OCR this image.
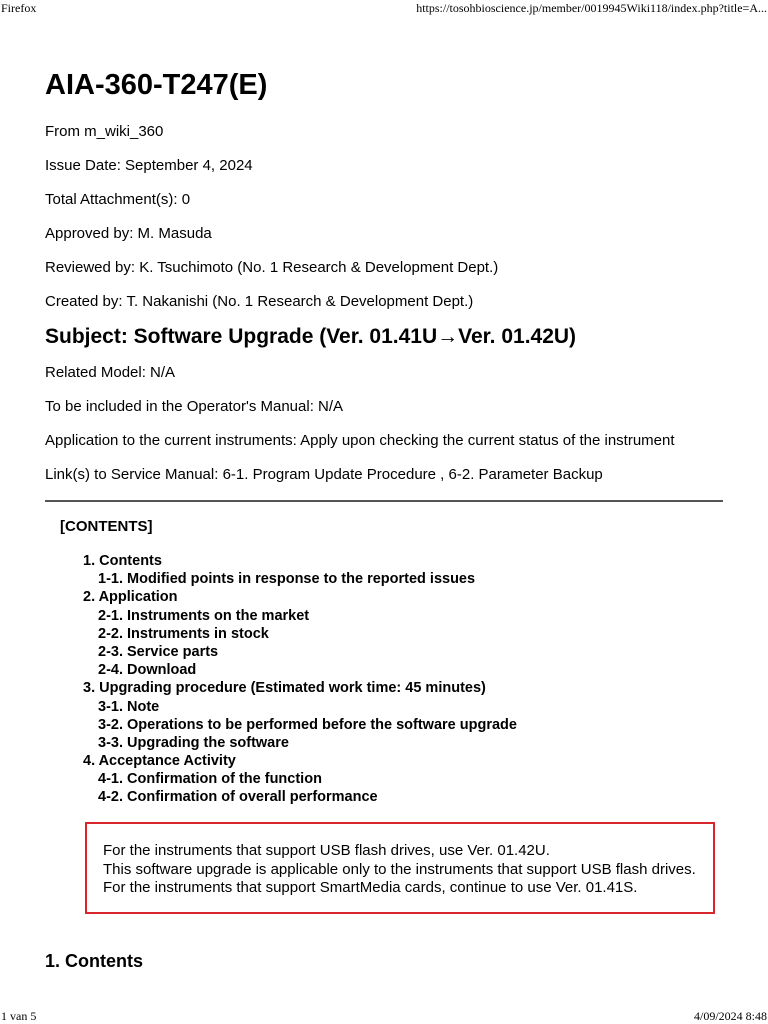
Firefox	https://tosohbioscience.jp/member/0019945Wiki118/index.php?title=A...
AIA-360-T247(E)
From m_wiki_360
Issue Date: September 4, 2024
Total Attachment(s): 0
Approved by: M. Masuda
Reviewed by: K. Tsuchimoto (No. 1 Research & Development Dept.)
Created by: T. Nakanishi (No. 1 Research & Development Dept.)
Subject: Software Upgrade (Ver. 01.41U→Ver. 01.42U)
Related Model: N/A
To be included in the Operator's Manual: N/A
Application to the current instruments: Apply upon checking the current status of the instrument
Link(s) to Service Manual: 6-1. Program Update Procedure , 6-2. Parameter Backup
[CONTENTS]
1. Contents
1-1. Modified points in response to the reported issues
2. Application
2-1. Instruments on the market
2-2. Instruments in stock
2-3. Service parts
2-4. Download
3. Upgrading procedure (Estimated work time: 45 minutes)
3-1. Note
3-2. Operations to be performed before the software upgrade
3-3. Upgrading the software
4. Acceptance Activity
4-1. Confirmation of the function
4-2. Confirmation of overall performance
For the instruments that support USB flash drives, use Ver. 01.42U.
This software upgrade is applicable only to the instruments that support USB flash drives.
For the instruments that support SmartMedia cards, continue to use Ver. 01.41S.
1. Contents
1 van 5	4/09/2024 8:48
